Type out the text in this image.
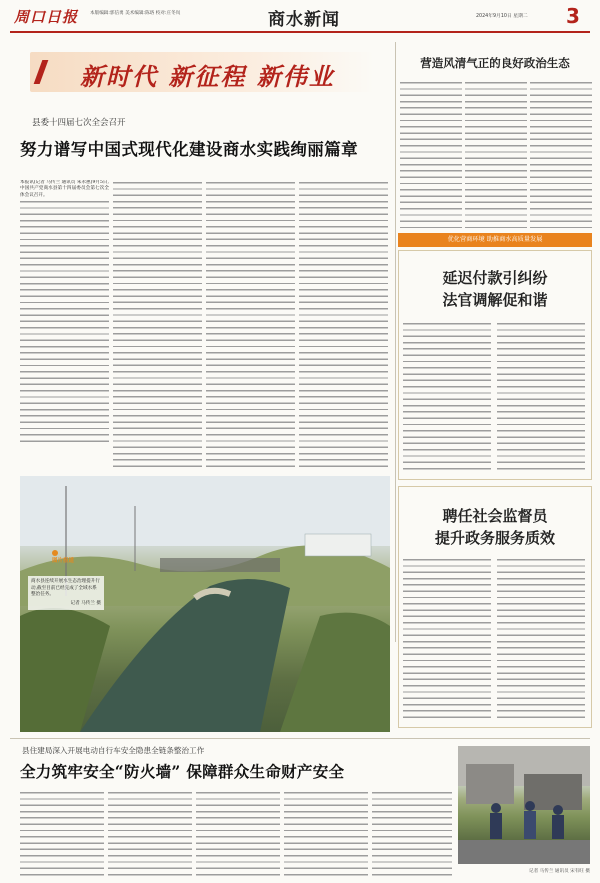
周口日报	本版编辑:郭信勇 美术编辑:陈珞 校对:庄冬岚	商水新闻	2024年9月10日 星期二 3
新时代 新征程 新伟业
县委十四届七次全会召开
努力谱写中国式现代化建设商水实践绚丽篇章
本报讯(记者 马传兰 通讯员 朱永惠)9月5日,中国共产党商水县第十四届委员会第七次全体会议召开。
图片报道
商水县连续开展水生态治理提升行动,截至目前已经完成了全域水系整治任务。
记者 马传兰 摄
营造风清气正的良好政治生态
优化营商环境 助推商水高质量发展
延迟付款引纠纷
法官调解促和谐
聘任社会监督员
提升政务服务质效
县住建局深入开展电动自行车安全隐患全链条整治工作
全力筑牢安全“防火墙” 保障群众生命财产安全
记者 马传兰 通讯员 宋有旺 摄
